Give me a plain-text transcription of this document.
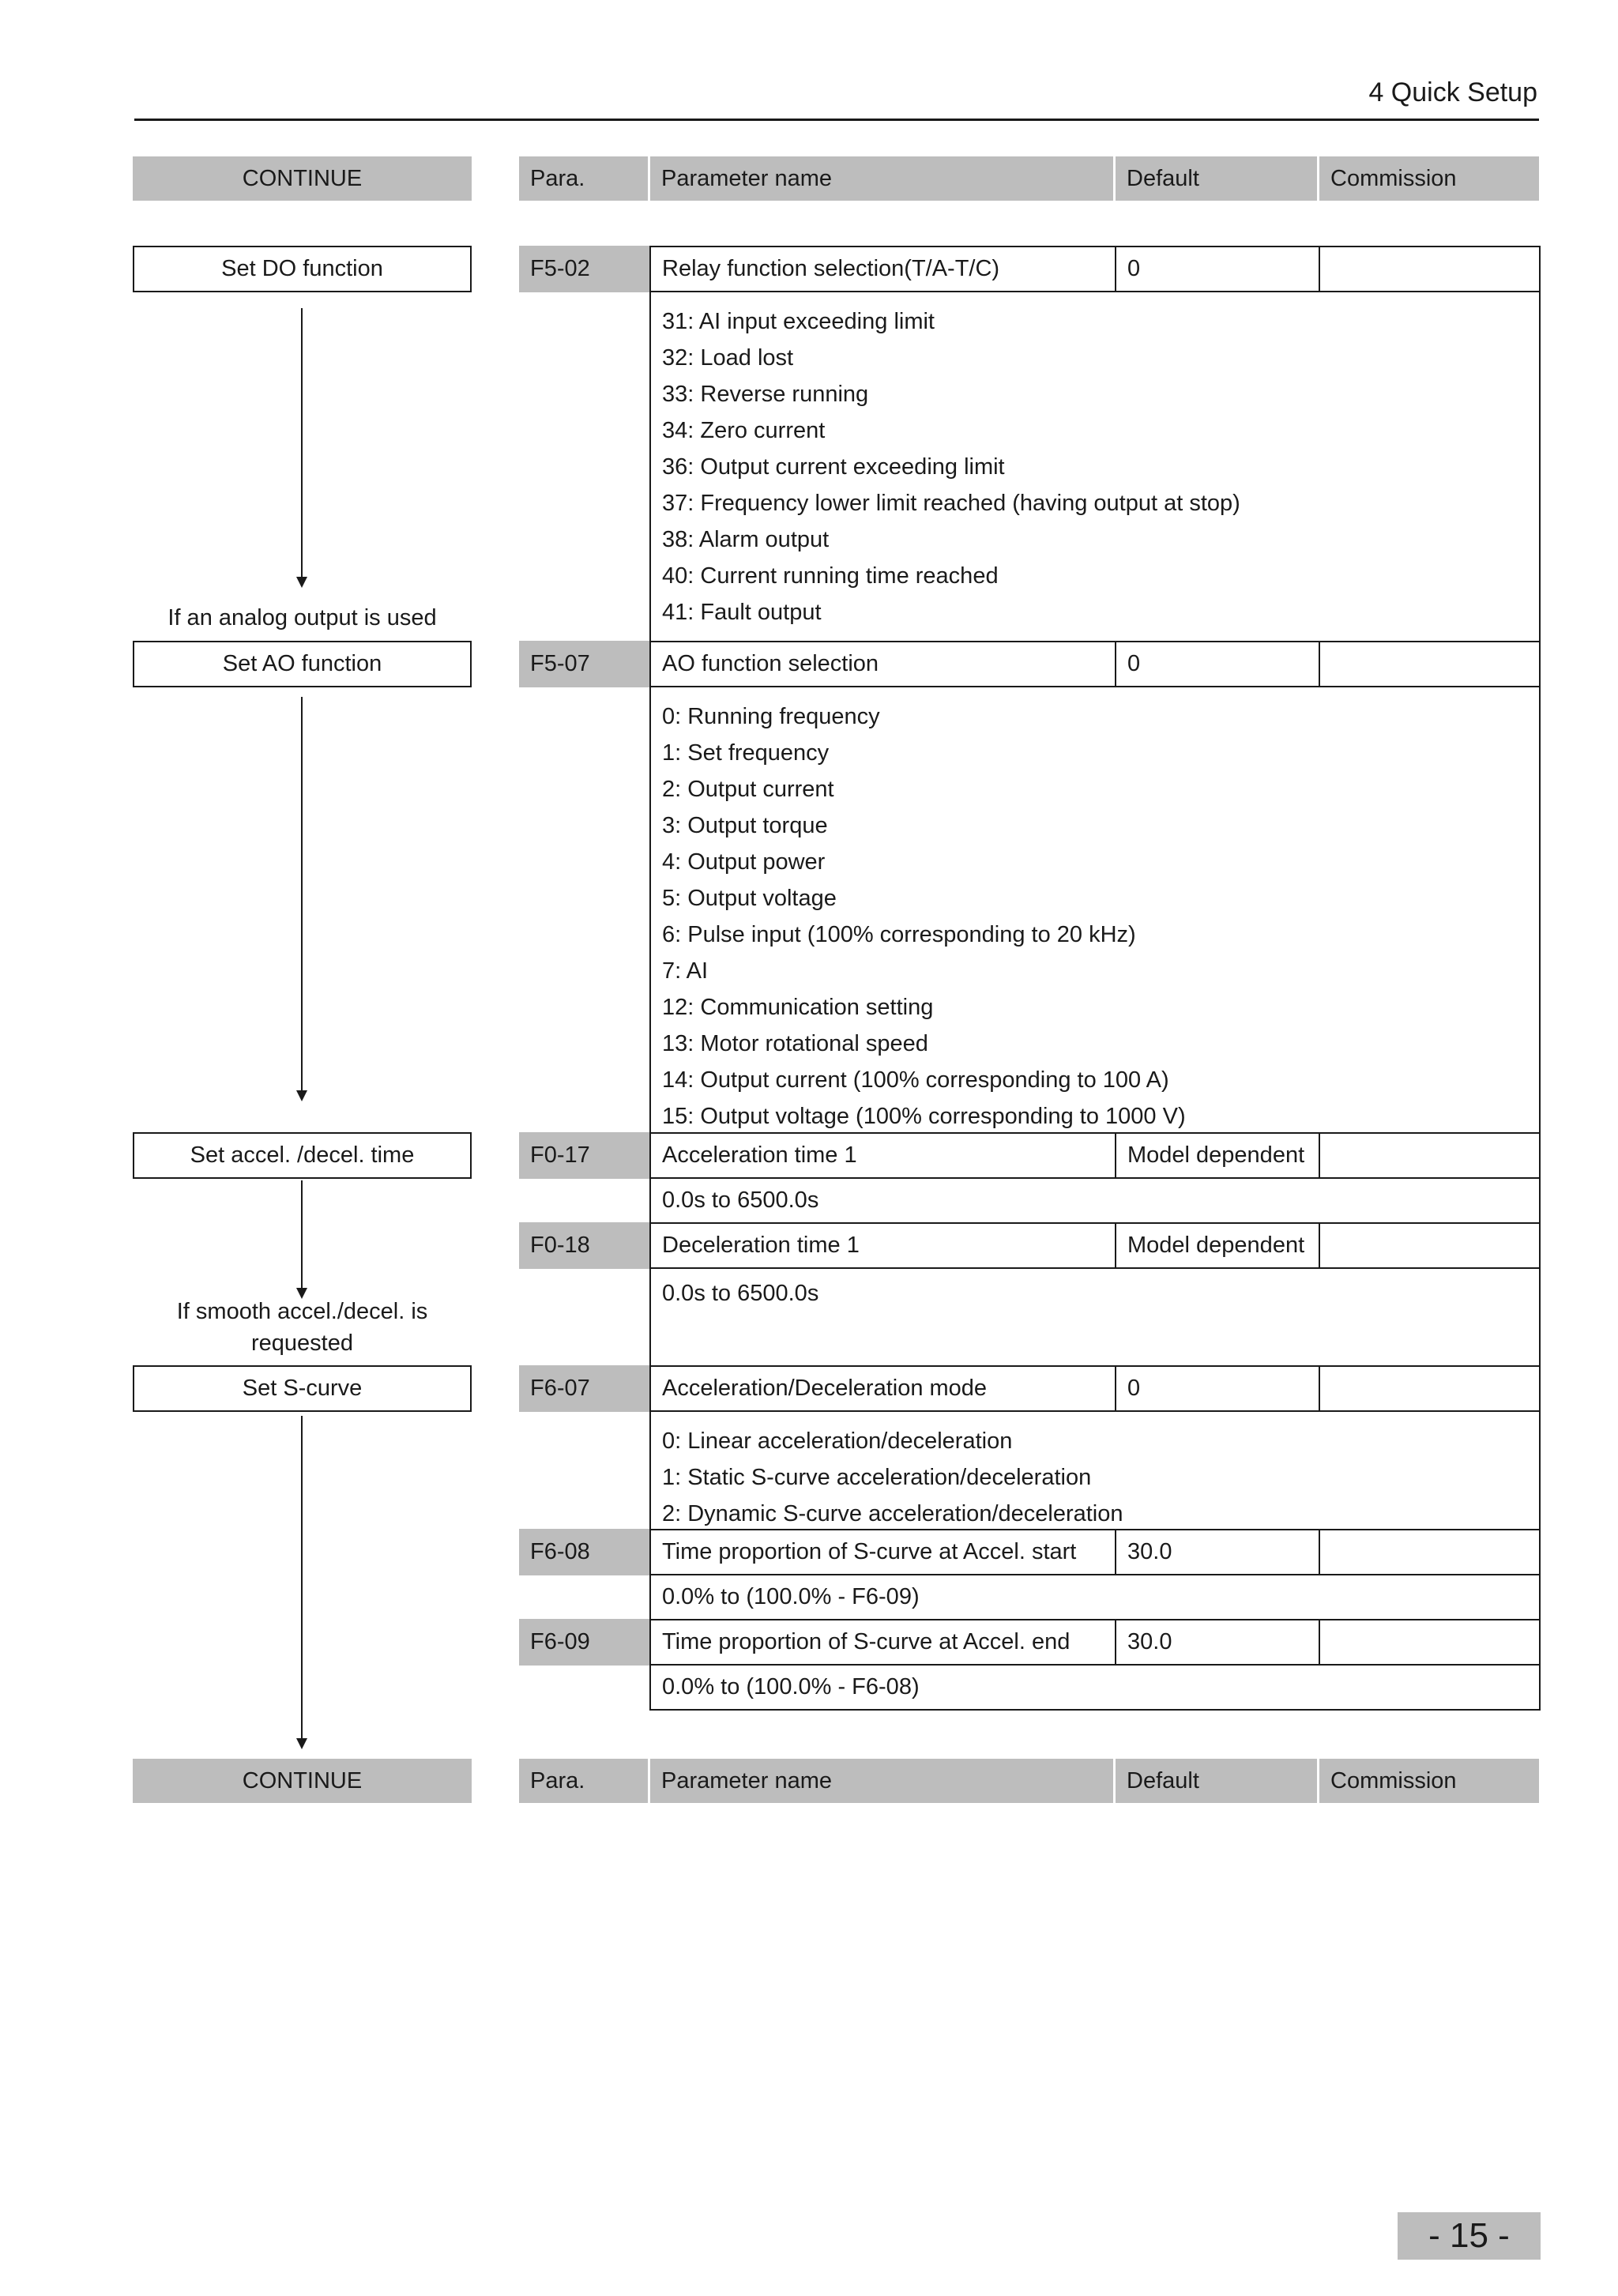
4 Quick Setup
CONTINUE	Para.	Parameter name	Default	Commission
Set DO function
If an analog output is used
Set AO function
Set accel. /decel. time
If smooth accel./decel. is requested
Set S-curve
F5-02	Relay function selection(T/A-T/C)	0
31: AI input exceeding limit
32: Load lost
33: Reverse running
34: Zero current
36: Output current exceeding limit
37: Frequency lower limit reached (having output at stop)
38: Alarm output
40: Current running time reached
41: Fault output
F5-07	AO function selection	0
0: Running frequency
1: Set frequency
2: Output current
3: Output torque
4: Output power
5: Output voltage
6: Pulse input (100% corresponding to 20 kHz)
7: AI
12: Communication setting
13: Motor rotational speed
14: Output current (100% corresponding to 100 A)
15: Output voltage (100% corresponding to 1000 V)
F0-17	Acceleration time 1	Model dependent
0.0s to 6500.0s
F0-18	Deceleration time 1	Model dependent
0.0s to 6500.0s
F6-07	Acceleration/Deceleration mode	0
0: Linear acceleration/deceleration
1: Static S-curve acceleration/deceleration
2: Dynamic S-curve acceleration/deceleration
F6-08	Time proportion of S-curve at Accel. start	30.0
0.0% to (100.0% - F6-09)
F6-09	Time proportion of S-curve at Accel. end	30.0
0.0% to (100.0% - F6-08)
CONTINUE	Para.	Parameter name	Default	Commission
- 15 -
